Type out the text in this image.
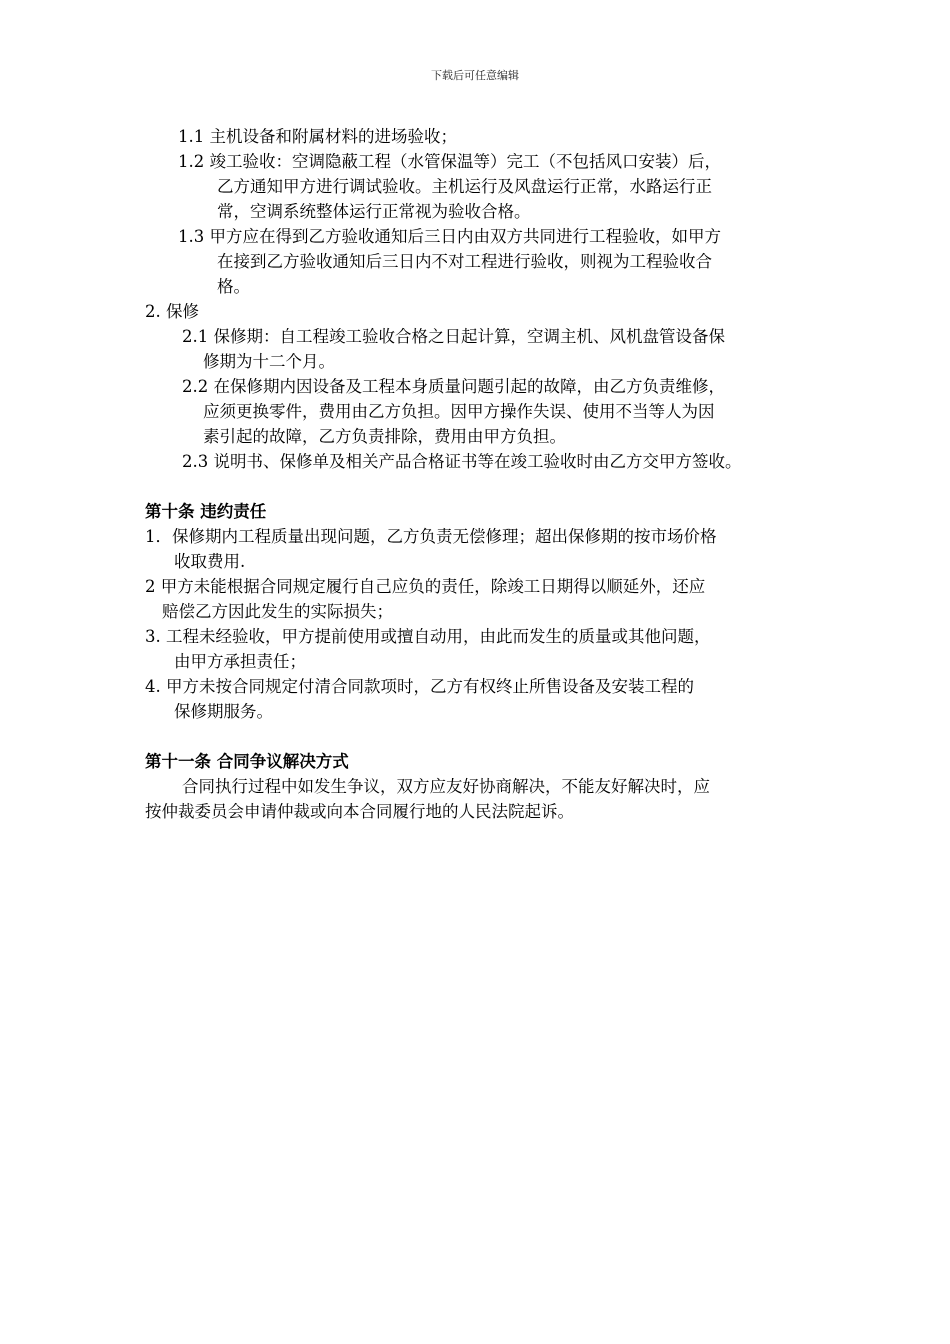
下载后可任意编辑
1.1 主机设备和附属材料的进场验收；
1.2 竣工验收：空调隐蔽工程（水管保温等）完工（不包括风口安装）后，
乙方通知甲方进行调试验收。主机运行及风盘运行正常，水路运行正
常，空调系统整体运行正常视为验收合格。
1.3 甲方应在得到乙方验收通知后三日内由双方共同进行工程验收，如甲方
在接到乙方验收通知后三日内不对工程进行验收，则视为工程验收合
格。
2. 保修
2.1 保修期：自工程竣工验收合格之日起计算，空调主机、风机盘管设备保
修期为十二个月。
2.2 在保修期内因设备及工程本身质量问题引起的故障，由乙方负责维修，
应须更换零件，费用由乙方负担。因甲方操作失误、使用不当等人为因
素引起的故障，乙方负责排除，费用由甲方负担。
2.3 说明书、保修单及相关产品合格证书等在竣工验收时由乙方交甲方签收。
第十条 违约责任
1．保修期内工程质量出现问题，乙方负责无偿修理；超出保修期的按市场价格
收取费用.
2 甲方未能根据合同规定履行自己应负的责任，除竣工日期得以顺延外，还应
赔偿乙方因此发生的实际损失；
3. 工程未经验收，甲方提前使用或擅自动用，由此而发生的质量或其他问题，
由甲方承担责任；
4. 甲方未按合同规定付清合同款项时，乙方有权终止所售设备及安装工程的
保修期服务。
第十一条 合同争议解决方式
合同执行过程中如发生争议，双方应友好协商解决，不能友好解决时，应
按仲裁委员会申请仲裁或向本合同履行地的人民法院起诉。
